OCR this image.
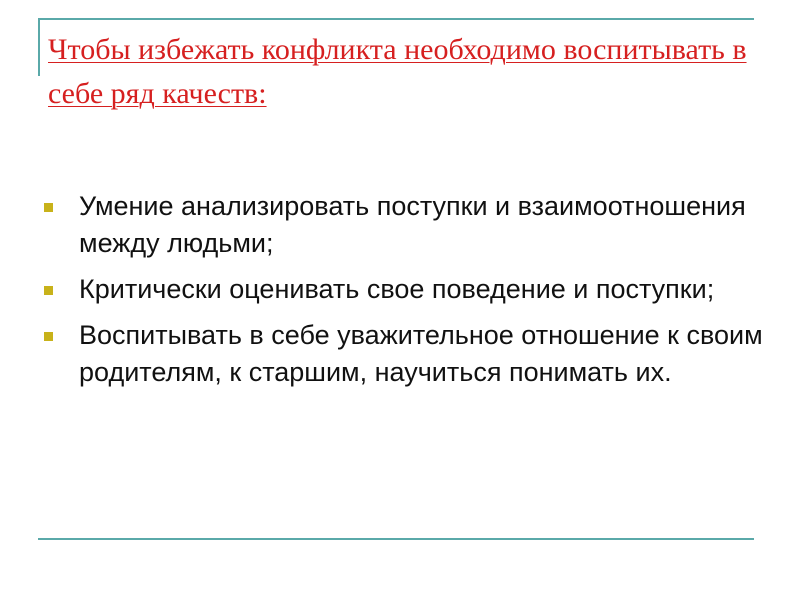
Чтобы избежать конфликта необходимо воспитывать в себе ряд качеств:
Умение анализировать поступки и взаимоотношения между людьми;
Критически оценивать свое поведение и поступки;
Воспитывать в себе уважительное отношение к своим родителям, к старшим, научиться понимать их.
